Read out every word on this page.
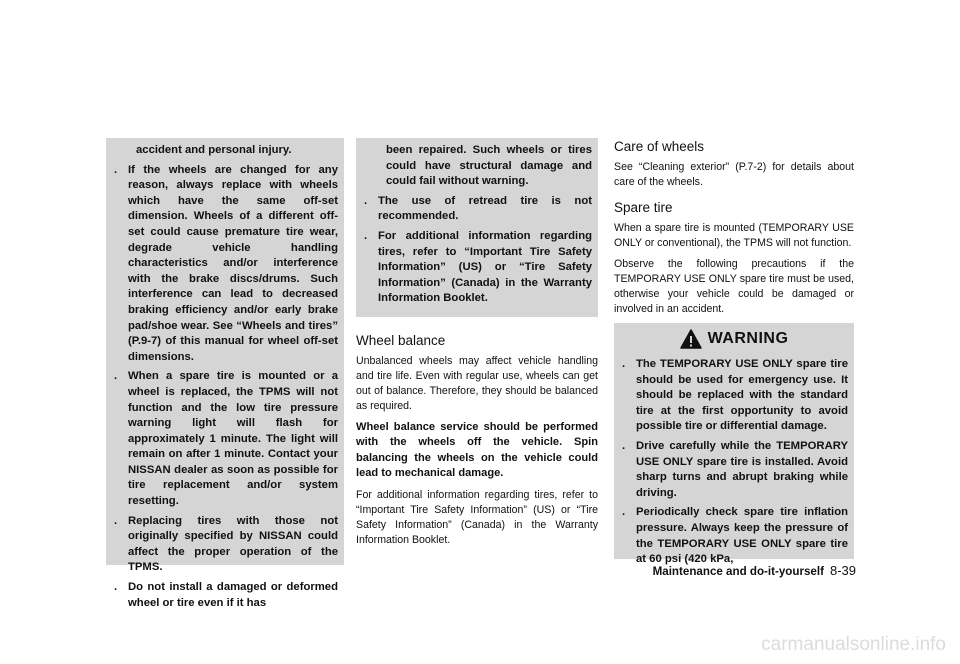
accident and personal injury.
. If the wheels are changed for any reason, always replace with wheels which have the same off-set dimension. Wheels of a different off-set could cause premature tire wear, degrade vehicle handling characteristics and/or interference with the brake discs/drums. Such interference can lead to decreased braking efficiency and/or early brake pad/shoe wear. See “Wheels and tires” (P.9-7) of this manual for wheel off-set dimensions.
. When a spare tire is mounted or a wheel is replaced, the TPMS will not function and the low tire pressure warning light will flash for approximately 1 minute. The light will remain on after 1 minute. Contact your NISSAN dealer as soon as possible for tire replacement and/or system resetting.
. Replacing tires with those not originally specified by NISSAN could affect the proper operation of the TPMS.
. Do not install a damaged or deformed wheel or tire even if it has
been repaired. Such wheels or tires could have structural damage and could fail without warning.
. The use of retread tire is not recommended.
. For additional information regarding tires, refer to “Important Tire Safety Information” (US) or “Tire Safety Information” (Canada) in the Warranty Information Booklet.
Wheel balance

Unbalanced wheels may affect vehicle handling and tire life. Even with regular use, wheels can get out of balance. Therefore, they should be balanced as required.

Wheel balance service should be performed with the wheels off the vehicle. Spin balancing the wheels on the vehicle could lead to mechanical damage.

For additional information regarding tires, refer to “Important Tire Safety Information” (US) or “Tire Safety Information” (Canada) in the Warranty Information Booklet.

Care of wheels

See “Cleaning exterior” (P.7-2) for details about care of the wheels.

Spare tire

When a spare tire is mounted (TEMPORARY USE ONLY or conventional), the TPMS will not function.

Observe the following precautions if the TEMPORARY USE ONLY spare tire must be used, otherwise your vehicle could be damaged or involved in an accident.

WARNING
. The TEMPORARY USE ONLY spare tire should be used for emergency use. It should be replaced with the standard tire at the first opportunity to avoid possible tire or differential damage.
. Drive carefully while the TEMPORARY USE ONLY spare tire is installed. Avoid sharp turns and abrupt braking while driving.
. Periodically check spare tire inflation pressure. Always keep the pressure of the TEMPORARY USE ONLY spare tire at 60 psi (420 kPa,
Maintenance and do-it-yourself 8-39
carmanualsonline.info
